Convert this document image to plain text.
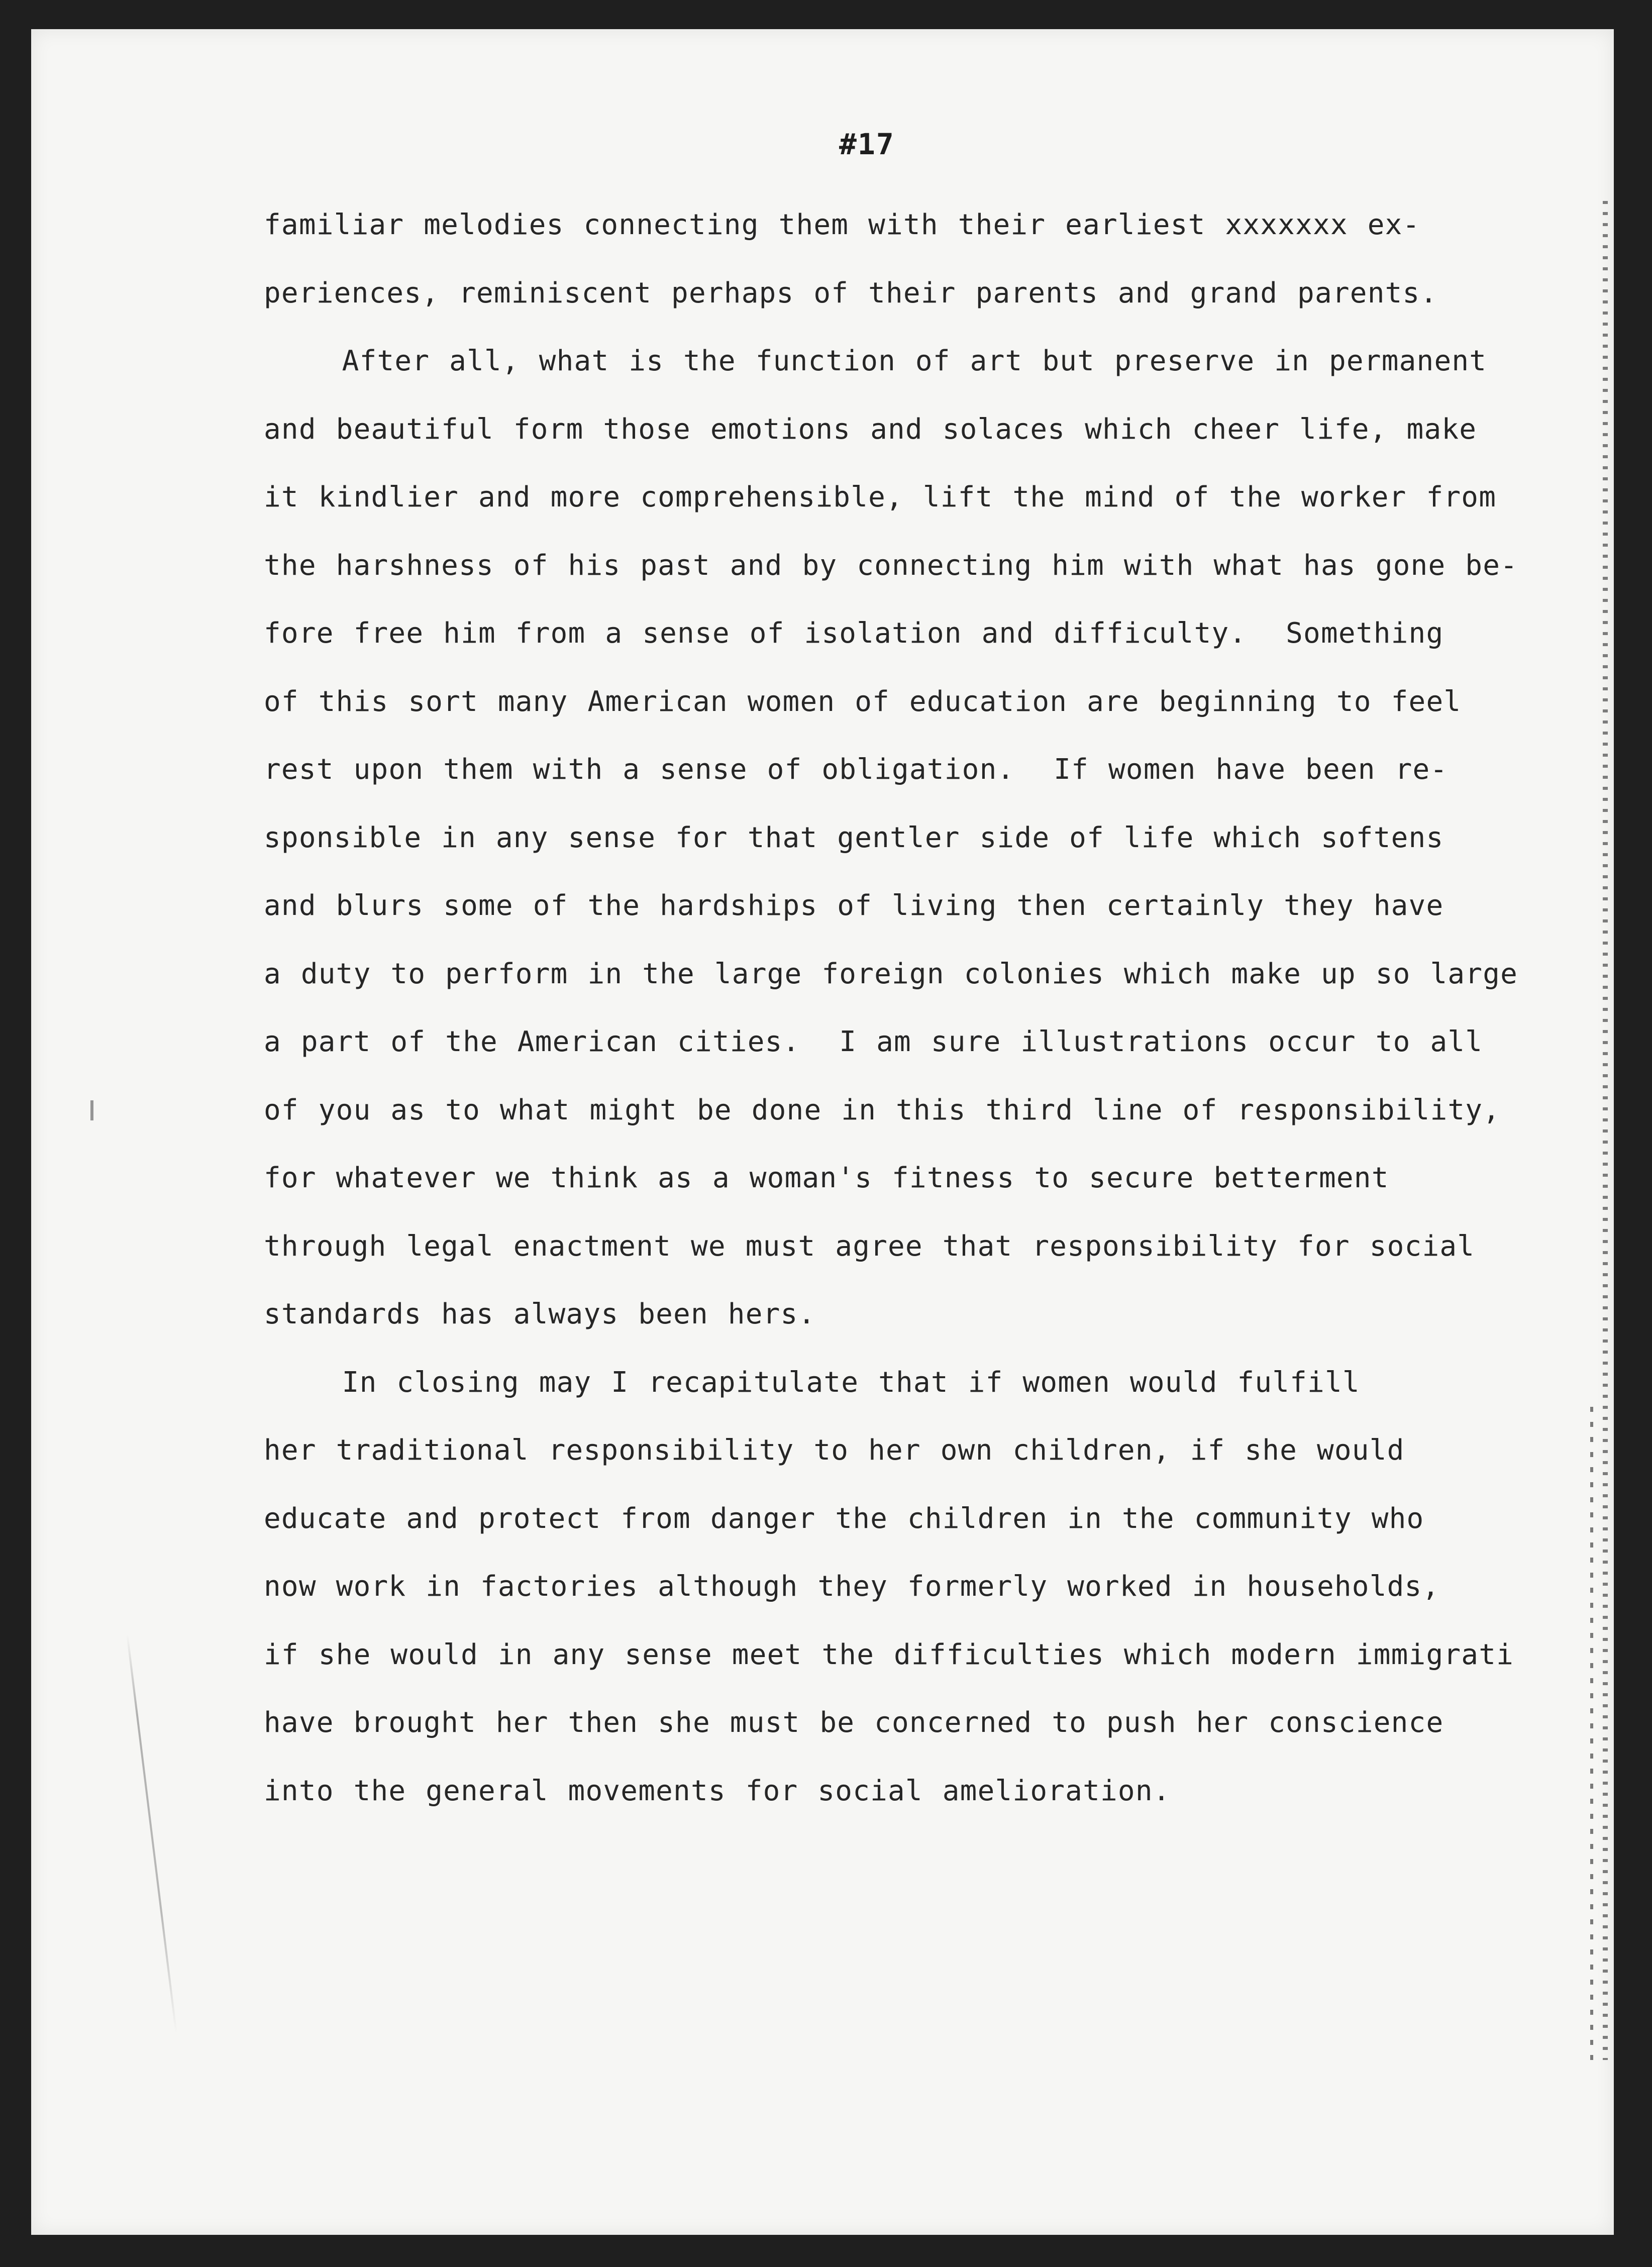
#17
familiar melodies connecting them with their earliest xxxxxxx ex-
periences, reminiscent perhaps of their parents and grand parents.
After all, what is the function of art but preserve in permanent
and beautiful form those emotions and solaces which cheer life, make
it kindlier and more comprehensible, lift the mind of the worker from
the harshness of his past and by connecting him with what has gone be-
fore free him from a sense of isolation and difficulty.  Something
of this sort many American women of education are beginning to feel
rest upon them with a sense of obligation.  If women have been re-
sponsible in any sense for that gentler side of life which softens
and blurs some of the hardships of living then certainly they have
a duty to perform in the large foreign colonies which make up so large
a part of the American cities.  I am sure illustrations occur to all
of you as to what might be done in this third line of responsibility,
for whatever we think as a woman's fitness to secure betterment
through legal enactment we must agree that responsibility for social
standards has always been hers.
In closing may I recapitulate that if women would fulfill
her traditional responsibility to her own children, if she would
educate and protect from danger the children in the community who
now work in factories although they formerly worked in households,
if she would in any sense meet the difficulties which modern immigrati
have brought her then she must be concerned to push her conscience
into the general movements for social amelioration.
